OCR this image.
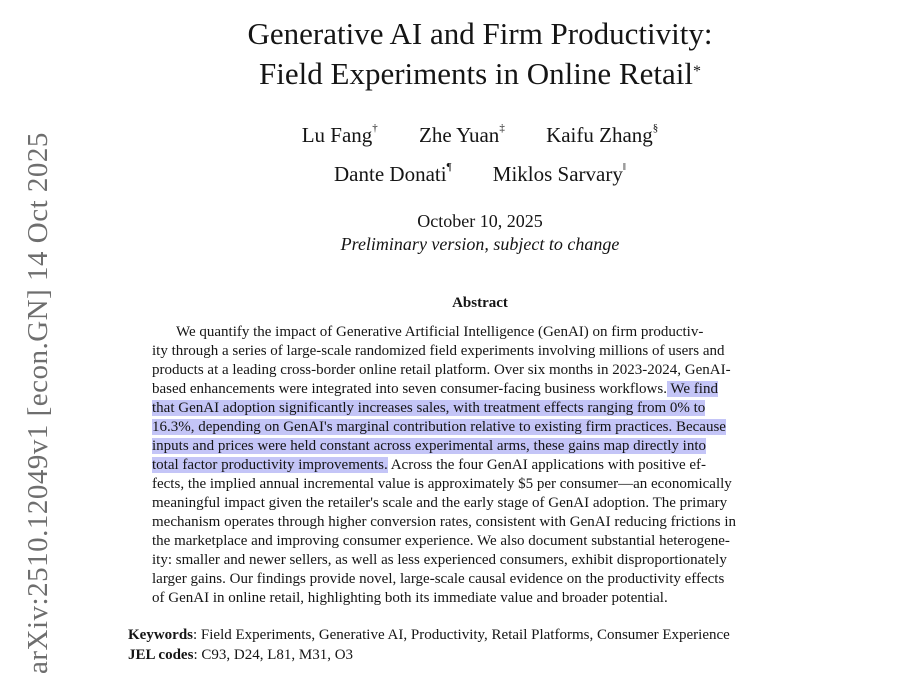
arXiv:2510.12049v1 [econ.GN] 14 Oct 2025
Generative AI and Firm Productivity:
Field Experiments in Online Retail*
Lu Fang† Zhe Yuan‡ Kaifu Zhang§
Dante Donati¶ Miklos Sarvary‖
October 10, 2025
Preliminary version, subject to change
Abstract
We quantify the impact of Generative Artificial Intelligence (GenAI) on firm productiv-
ity through a series of large-scale randomized field experiments involving millions of users and
products at a leading cross-border online retail platform. Over six months in 2023-2024, GenAI-
based enhancements were integrated into seven consumer-facing business workflows. We find
that GenAI adoption significantly increases sales, with treatment effects ranging from 0% to
16.3%, depending on GenAI's marginal contribution relative to existing firm practices. Because
inputs and prices were held constant across experimental arms, these gains map directly into
total factor productivity improvements. Across the four GenAI applications with positive ef-
fects, the implied annual incremental value is approximately $5 per consumer—an economically
meaningful impact given the retailer's scale and the early stage of GenAI adoption. The primary
mechanism operates through higher conversion rates, consistent with GenAI reducing frictions in
the marketplace and improving consumer experience. We also document substantial heterogene-
ity: smaller and newer sellers, as well as less experienced consumers, exhibit disproportionately
larger gains. Our findings provide novel, large-scale causal evidence on the productivity effects
of GenAI in online retail, highlighting both its immediate value and broader potential.
Keywords: Field Experiments, Generative AI, Productivity, Retail Platforms, Consumer Experience
JEL codes: C93, D24, L81, M31, O3
